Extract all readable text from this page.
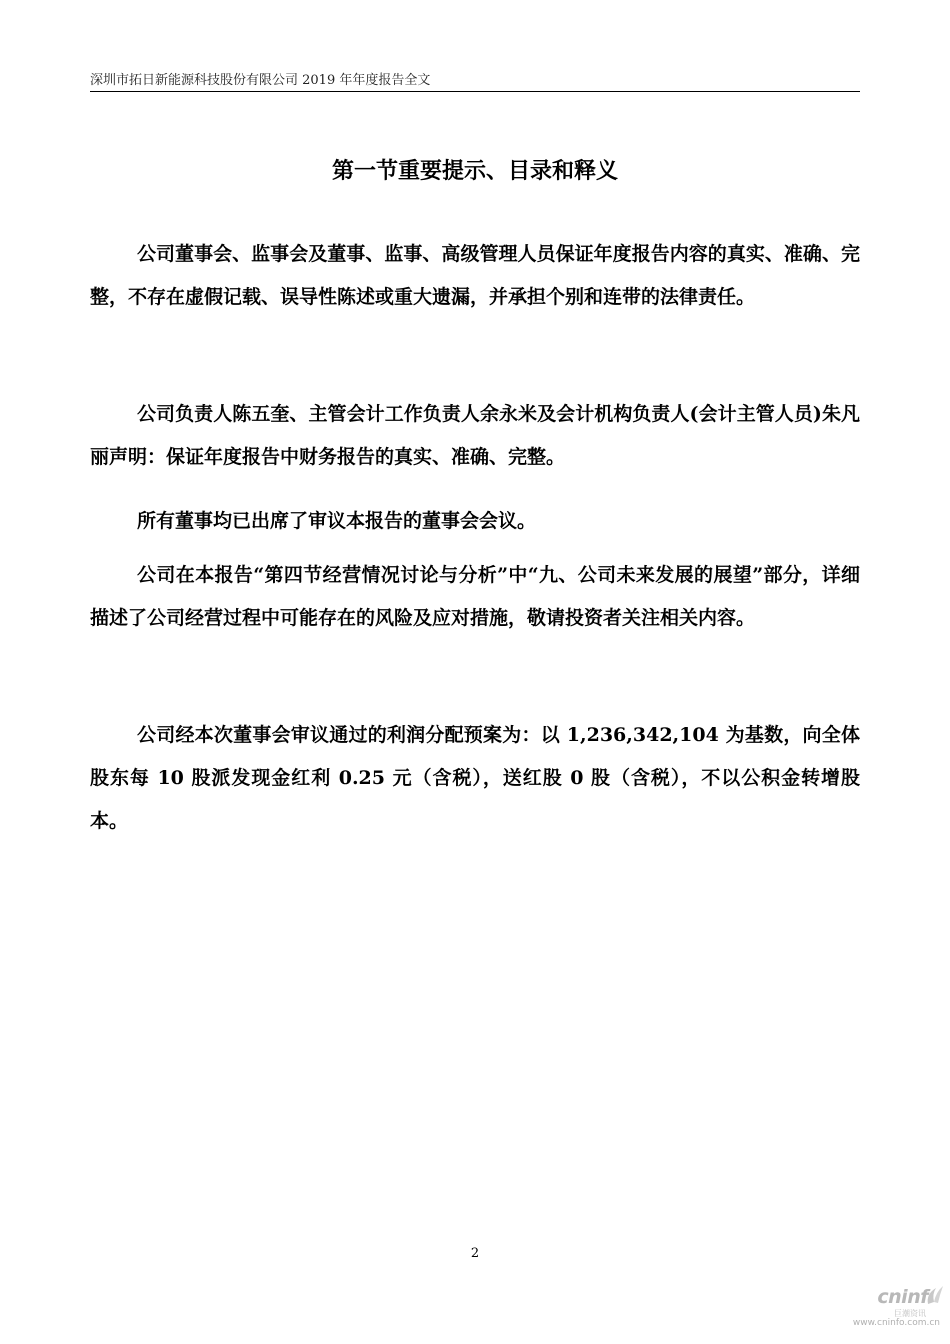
深圳市拓日新能源科技股份有限公司 2019 年年度报告全文
第一节重要提示、目录和释义

公司董事会、监事会及董事、监事、高级管理人员保证年度报告内容的真实、准确、完整，不存在虚假记载、误导性陈述或重大遗漏，并承担个别和连带的法律责任。

公司负责人陈五奎、主管会计工作负责人余永米及会计机构负责人(会计主管人员)朱凡丽声明：保证年度报告中财务报告的真实、准确、完整。

所有董事均已出席了审议本报告的董事会会议。

公司在本报告“第四节经营情况讨论与分析”中“九、公司未来发展的展望”部分，详细描述了公司经营过程中可能存在的风险及应对措施，敬请投资者关注相关内容。

公司经本次董事会审议通过的利润分配预案为：以 1,236,342,104 为基数，向全体股东每 10 股派发现金红利 0.25 元（含税），送红股 0 股（含税），不以公积金转增股本。

2
cninf
巨潮资讯
www.cninfo.com.cn
